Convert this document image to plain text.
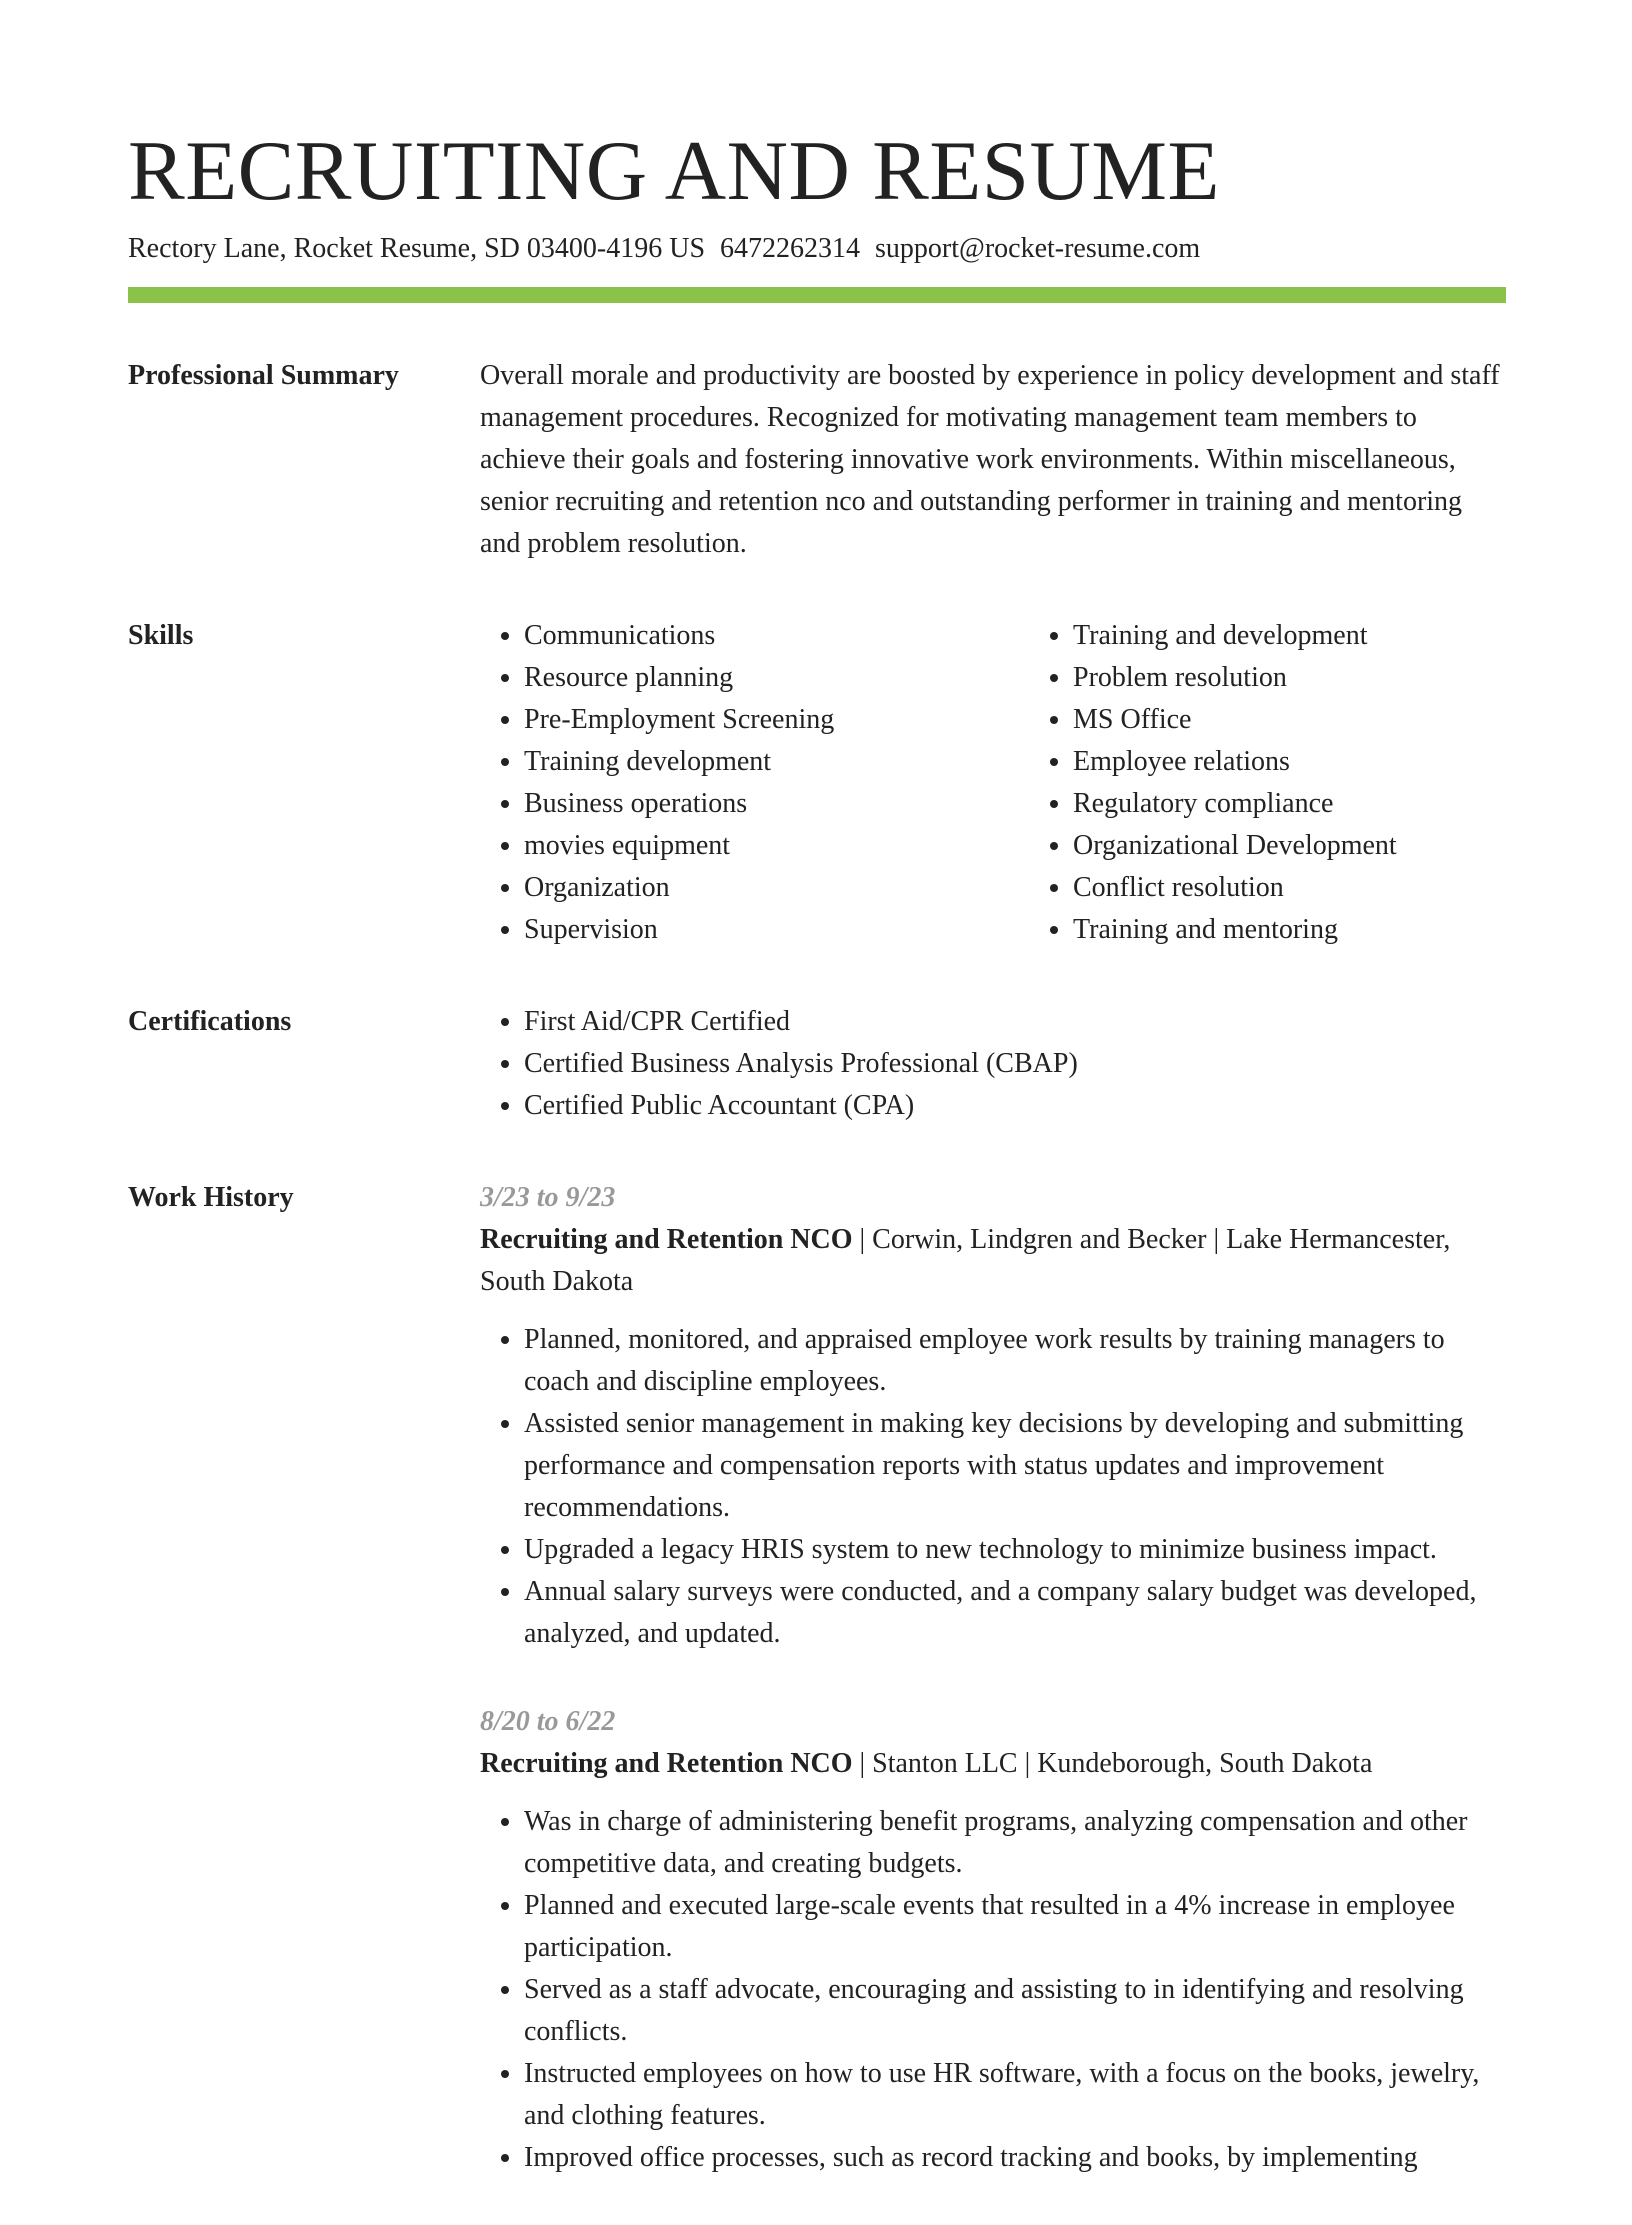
RECRUITING AND RESUME
Rectory Lane, Rocket Resume, SD 03400-4196 US 6472262314 support@rocket-resume.com
Professional Summary	Overall morale and productivity are boosted by experience in policy development and staff management procedures. Recognized for motivating management team members to achieve their goals and fostering innovative work environments. Within miscellaneous, senior recruiting and retention nco and outstanding performer in training and mentoring and problem resolution.
Skills	• Communications
• Resource planning
• Pre-Employment Screening
• Training development
• Business operations
• movies equipment
• Organization
• Supervision
• Training and development
• Problem resolution
• MS Office
• Employee relations
• Regulatory compliance
• Organizational Development
• Conflict resolution
• Training and mentoring
Certifications	• First Aid/CPR Certified
• Certified Business Analysis Professional (CBAP)
• Certified Public Accountant (CPA)
Work History	3/23 to 9/23
Recruiting and Retention NCO | Corwin, Lindgren and Becker | Lake Hermancester, South Dakota
• Planned, monitored, and appraised employee work results by training managers to coach and discipline employees.
• Assisted senior management in making key decisions by developing and submitting performance and compensation reports with status updates and improvement recommendations.
• Upgraded a legacy HRIS system to new technology to minimize business impact.
• Annual salary surveys were conducted, and a company salary budget was developed, analyzed, and updated.
8/20 to 6/22
Recruiting and Retention NCO | Stanton LLC | Kundeborough, South Dakota
• Was in charge of administering benefit programs, analyzing compensation and other competitive data, and creating budgets.
• Planned and executed large-scale events that resulted in a 4% increase in employee participation.
• Served as a staff advocate, encouraging and assisting to in identifying and resolving conflicts.
• Instructed employees on how to use HR software, with a focus on the books, jewelry, and clothing features.
• Improved office processes, such as record tracking and books, by implementing
